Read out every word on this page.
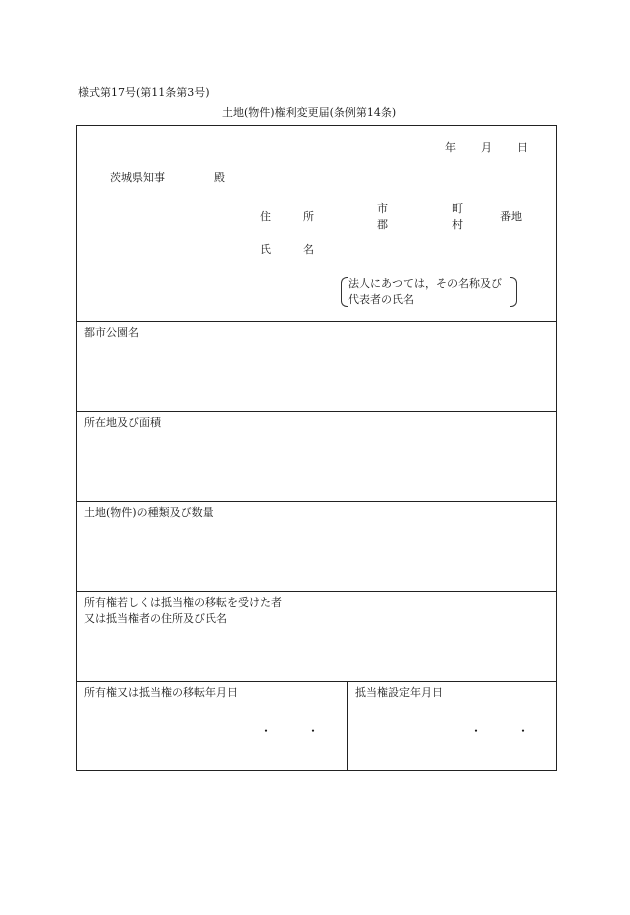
様式第17号(第11条第3号)
土地(物件)権利変更届(条例第14条)
年 月 日
茨城県知事	殿
住	所
市
郡
町
村
番地
氏	名
法人にあつては，その名称及び
代表者の氏名
都市公園名
所在地及び面積
土地(物件)の種類及び数量
所有権若しくは抵当権の移転を受けた者
又は抵当権者の住所及び氏名
所有権又は抵当権の移転年月日	抵当権設定年月日
・	・	・	・
